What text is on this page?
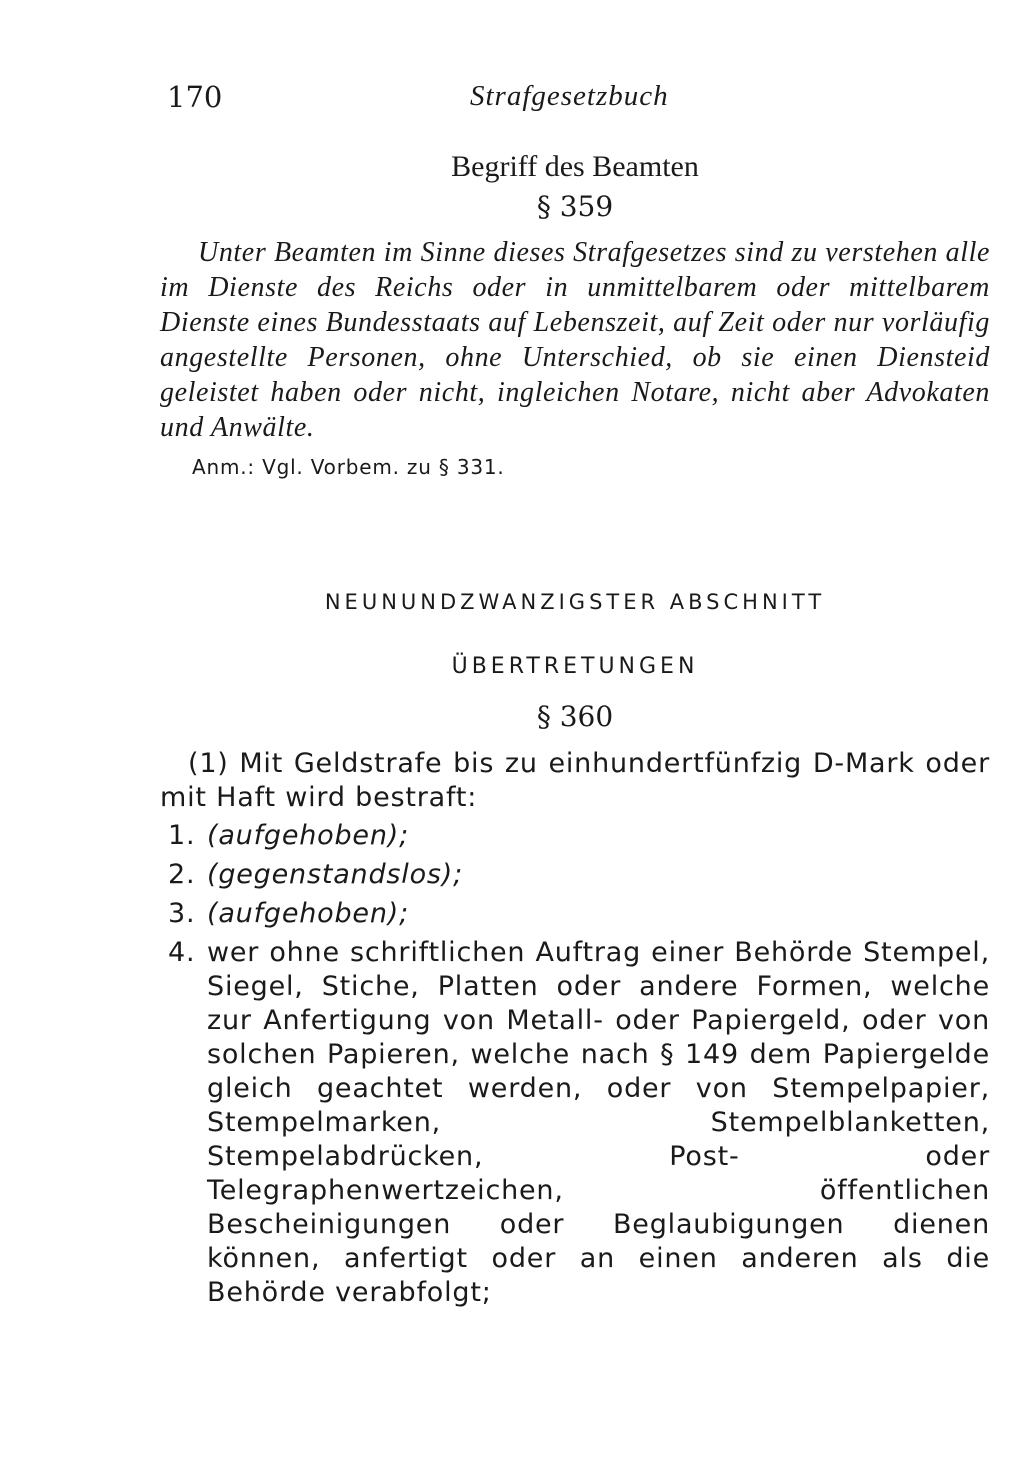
170	Strafgesetzbuch

Begriff des Beamten

§ 359

Unter Beamten im Sinne dieses Strafgesetzes sind zu verstehen alle im Dienste des Reichs oder in unmittelbarem oder mittelbarem Dienste eines Bundesstaats auf Lebenszeit, auf Zeit oder nur vorläufig angestellte Personen, ohne Unterschied, ob sie einen Diensteid geleistet haben oder nicht, ingleichen Notare, nicht aber Advokaten und Anwälte.

Anm.: Vgl. Vorbem. zu § 331.

NEUNUNDZWANZIGSTER ABSCHNITT

ÜBERTRETUNGEN

§ 360

(1) Mit Geldstrafe bis zu einhundertfünfzig D-Mark oder mit Haft wird bestraft:

1. (aufgehoben);
2. (gegenstandslos);
3. (aufgehoben);
4. wer ohne schriftlichen Auftrag einer Behörde Stempel, Siegel, Stiche, Platten oder andere Formen, welche zur Anfertigung von Metall- oder Papiergeld, oder von solchen Papieren, welche nach § 149 dem Papiergelde gleich geachtet werden, oder von Stempelpapier, Stempelmarken, Stempelblanketten, Stempelabdrücken, Post- oder Telegraphenwertzeichen, öffentlichen Bescheinigungen oder Beglaubigungen dienen können, anfertigt oder an einen anderen als die Behörde verabfolgt;
